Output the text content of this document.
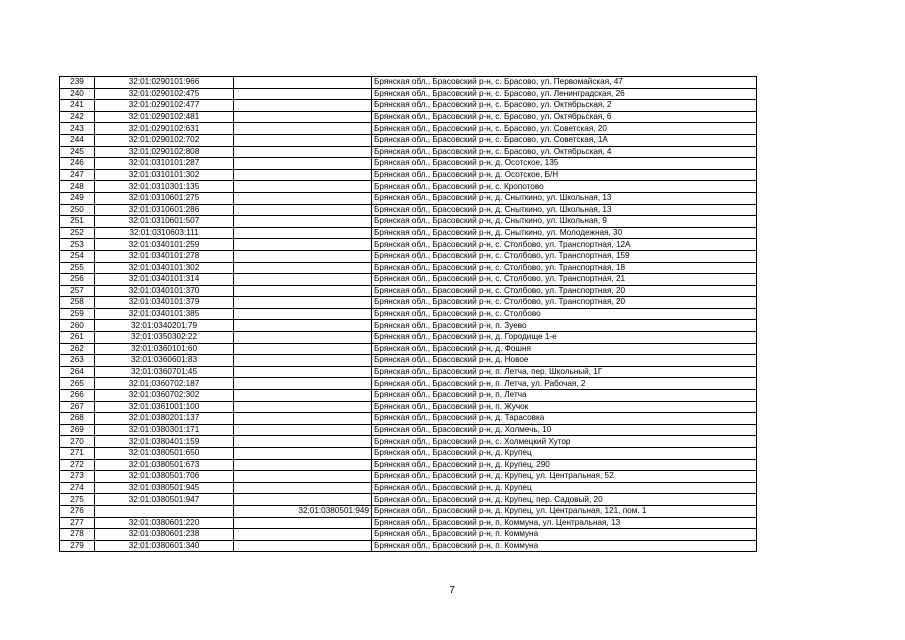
239	32:01:0290101:966		Брянская обл., Брасовский р-н, с. Брасово, ул. Первомайская, 47
240	32:01:0290102:475		Брянская обл., Брасовский р-н, с. Брасово, ул. Ленинградская, 26
241	32:01:0290102:477		Брянская обл., Брасовский р-н, с. Брасово, ул. Октябрьская, 2
242	32:01:0290102:481		Брянская обл., Брасовский р-н, с. Брасово, ул. Октябрьская, 6
243	32:01:0290102:631		Брянская обл., Брасовский р-н, с. Брасово, ул. Советская, 20
244	32:01:0290102:702		Брянская обл., Брасовский р-н, с. Брасово, ул. Советская, 1А
245	32:01:0290102:808		Брянская обл., Брасовский р-н, с. Брасово, ул. Октябрьская, 4
246	32:01:0310101:287		Брянская обл., Брасовский р-н, д. Осотское, 135
247	32:01:0310101:302		Брянская обл., Брасовский р-н, д. Осотское, Б/Н
248	32:01:0310301:135		Брянская обл., Брасовский р-н, с. Кропотово
249	32:01:0310601:275		Брянская обл., Брасовский р-н, д. Сныткино, ул. Школьная, 13
250	32:01:0310601:286		Брянская обл., Брасовский р-н, д. Сныткино, ул. Школьная, 13
251	32:01:0310601:507		Брянская обл., Брасовский р-н, д. Сныткино, ул. Школьная, 9
252	32:01:0310603:111		Брянская обл., Брасовский р-н, д. Сныткино, ул. Молодежная, 30
253	32:01:0340101:259		Брянская обл., Брасовский р-н, с. Столбово, ул. Транспортная, 12А
254	32:01:0340101:278		Брянская обл., Брасовский р-н, с. Столбово, ул. Транспортная, 159
255	32:01:0340101:302		Брянская обл., Брасовский р-н, с. Столбово, ул. Транспортная, 18
256	32:01:0340101:314		Брянская обл., Брасовский р-н, с. Столбово, ул. Транспортная, 21
257	32:01:0340101:370		Брянская обл., Брасовский р-н, с. Столбово, ул. Транспортная, 20
258	32:01:0340101:379		Брянская обл., Брасовский р-н, с. Столбово, ул. Транспортная, 20
259	32:01:0340101:385		Брянская обл., Брасовский р-н, с. Столбово
260	32:01:0340201:79		Брянская обл., Брасовский р-н, п. Зуево
261	32:01:0350302:22		Брянская обл., Брасовский р-н, д. Городище 1-е
262	32:01:0360101:60		Брянская обл., Брасовский р-н, д. Фошня
263	32:01:0360601:83		Брянская обл., Брасовский р-н, д. Новое
264	32:01:0360701:45		Брянская обл., Брасовский р-н, п. Летча, пер. Школьный, 1Г
265	32:01:0360702:187		Брянская обл., Брасовский р-н, п. Летча, ул. Рабочая, 2
266	32:01:0360702:302		Брянская обл., Брасовский р-н, п. Летча
267	32:01:0361001:100		Брянская обл., Брасовский р-н, п. Жучок
268	32:01:0380201:137		Брянская обл., Брасовский р-н, д. Тарасовка
269	32:01:0380301:171		Брянская обл., Брасовский р-н, д. Холмечь, 10
270	32:01:0380401:159		Брянская обл., Брасовский р-н, с. Холмецкий Хутор
271	32:01:0380501:650		Брянская обл., Брасовский р-н, д. Крупец
272	32:01:0380501:673		Брянская обл., Брасовский р-н, д. Крупец, 290
273	32:01:0380501:706		Брянская обл., Брасовский р-н, д. Крупец, ул. Центральная, 52
274	32:01:0380501:945		Брянская обл., Брасовский р-н, д. Крупец
275	32:01:0380501:947		Брянская обл., Брасовский р-н, д. Крупец, пер. Садовый, 20
276		32:01:0380501:949	Брянская обл., Брасовский р-н, д. Крупец, ул. Центральная, 121, пом. 1
277	32:01:0380601:220		Брянская обл., Брасовский р-н, п. Коммуна, ул. Центральная, 13
278	32:01:0380601:238		Брянская обл., Брасовский р-н, п. Коммуна
279	32:01:0380601:340		Брянская обл., Брасовский р-н, п. Коммуна
7
